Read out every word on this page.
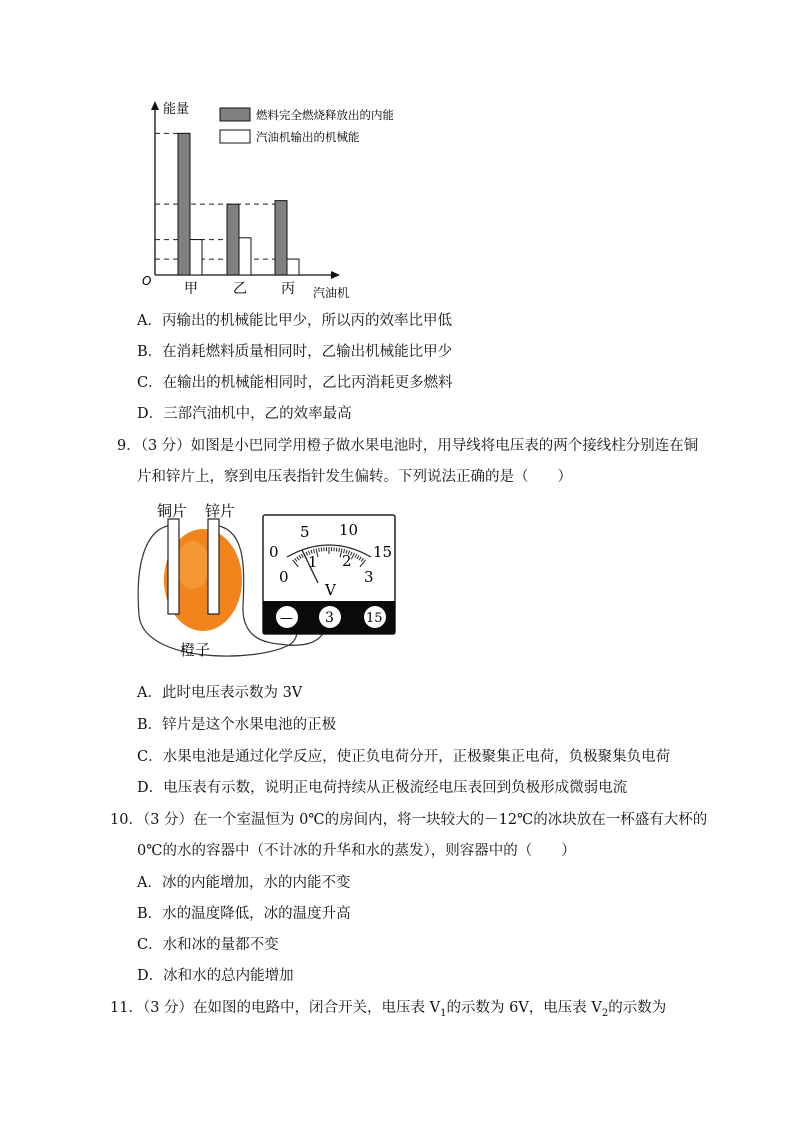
甲	乙 丙
能量
O
汽油机
燃料完全燃烧释放出的内能
汽油机输出的机械能
A．丙输出的机械能比甲少，所以丙的效率比甲低
B．在消耗燃料质量相同时，乙输出机械能比甲少
C．在输出的机械能相同时，乙比丙消耗更多燃料
D．三部汽油机中，乙的效率最高
9．（3 分）如图是小巴同学用橙子做水果电池时，用导线将电压表的两个接线柱分别连在铜
片和锌片上，察到电压表指针发生偏转。下列说法正确的是（　　）
铜片 锌片
橙子
0
5 10
15
0
1 2
3
V
— 3 15
A．此时电压表示数为 3V
B．锌片是这个水果电池的正极
C．水果电池是通过化学反应，使正负电荷分开，正极聚集正电荷，负极聚集负电荷
D．电压表有示数，说明正电荷持续从正极流经电压表回到负极形成微弱电流
10．（3 分）在一个室温恒为 0℃的房间内，将一块较大的－12℃的冰块放在一杯盛有大杯的
0℃的水的容器中（不计冰的升华和水的蒸发），则容器中的（　　）
A．冰的内能增加，水的内能不变
B．水的温度降低，冰的温度升高
C．水和冰的量都不变
D．冰和水的总内能增加
11．（3 分）在如图的电路中，闭合开关，电压表 $V_1$的示数为 6V，电压表 $V_2$的示数为
